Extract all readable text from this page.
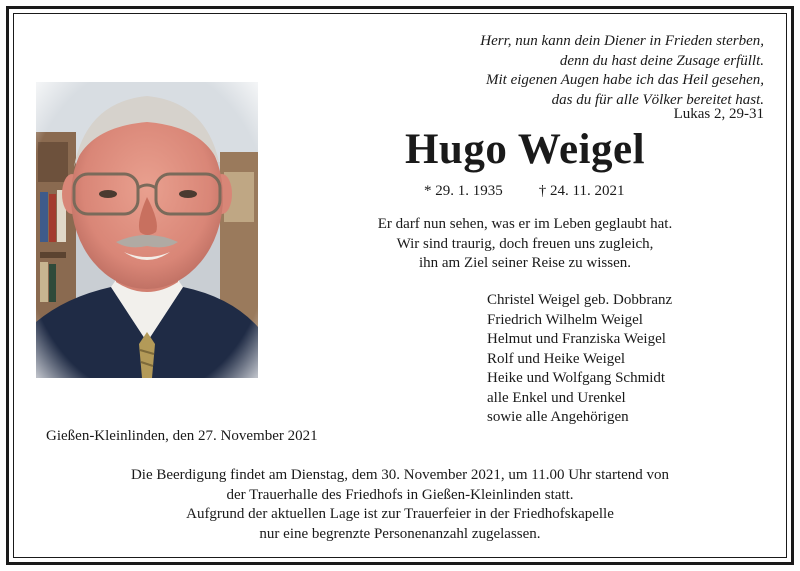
Herr, nun kann dein Diener in Frieden sterben,
denn du hast deine Zusage erfüllt.
Mit eigenen Augen habe ich das Heil gesehen,
das du für alle Völker bereitet hast.
Lukas 2, 29-31
Hugo Weigel
* 29. 1. 1935 † 24. 11. 2021
Er darf nun sehen, was er im Leben geglaubt hat.
Wir sind traurig, doch freuen uns zugleich,
ihn am Ziel seiner Reise zu wissen.
Christel Weigel geb. Dobbranz
Friedrich Wilhelm Weigel
Helmut und Franziska Weigel
Rolf und Heike Weigel
Heike und Wolfgang Schmidt
alle Enkel und Urenkel
sowie alle Angehörigen
Gießen-Kleinlinden, den 27. November 2021
Die Beerdigung findet am Dienstag, dem 30. November 2021, um 11.00 Uhr startend von
der Trauerhalle des Friedhofs in Gießen-Kleinlinden statt.
Aufgrund der aktuellen Lage ist zur Trauerfeier in der Friedhofskapelle
nur eine begrenzte Personenanzahl zugelassen.
